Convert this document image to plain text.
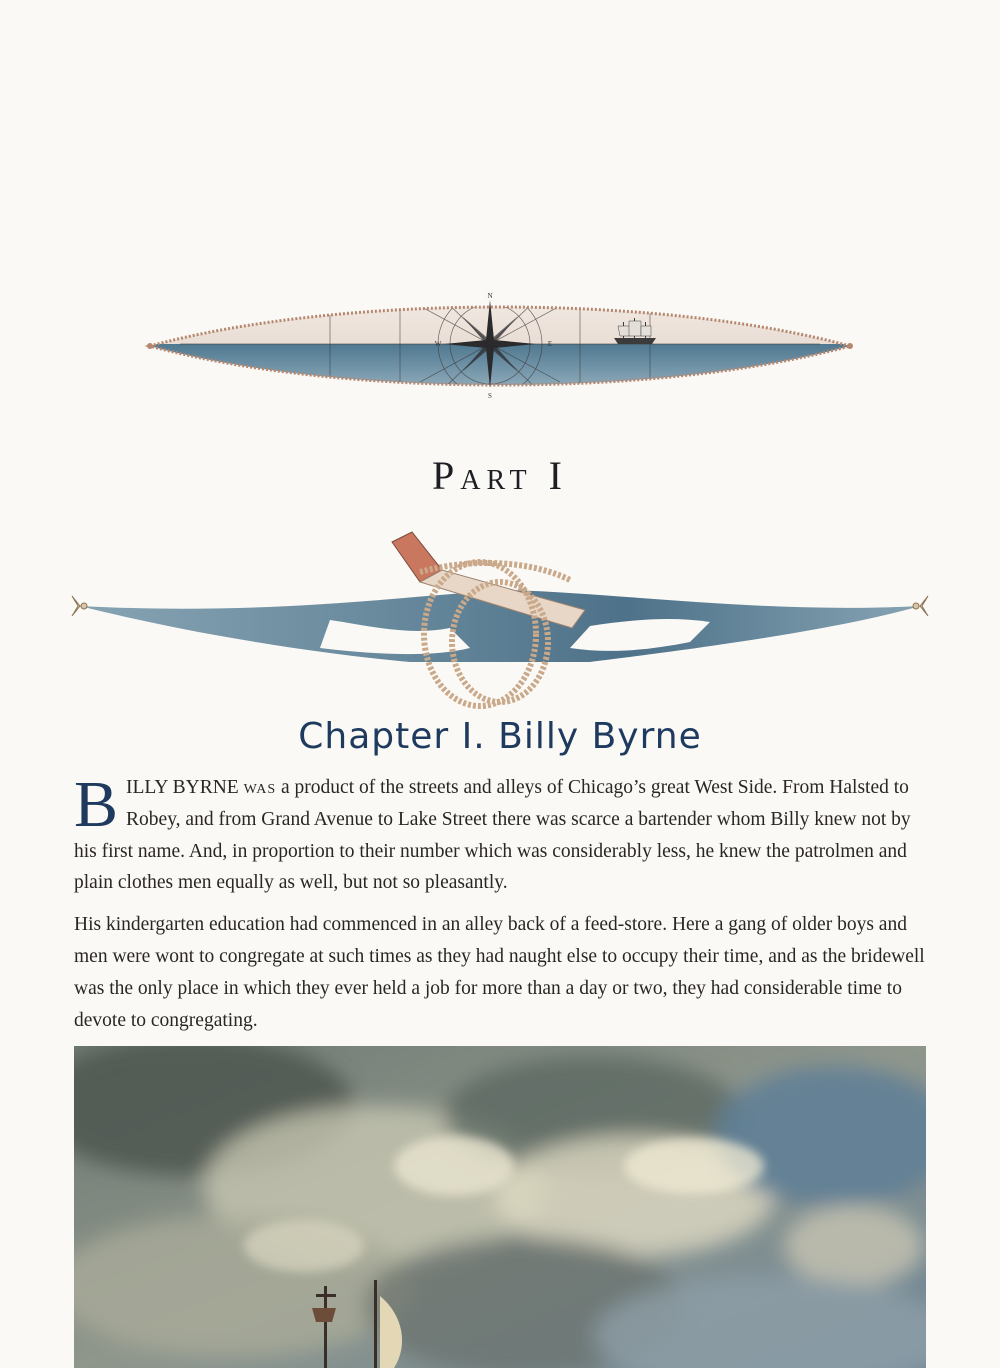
N
E
S
W
Part I
Chapter I. Billy Byrne

BILLY BYRNE was a product of the streets and alleys of Chicago’s great West Side. From Halsted to Robey, and from Grand Avenue to Lake Street there was scarce a bartender whom Billy knew not by his first name. And, in proportion to their number which was considerably less, he knew the patrolmen and plain clothes men equally as well, but not so pleasantly.

His kindergarten education had commenced in an alley back of a feed-store. Here a gang of older boys and men were wont to congregate at such times as they had naught else to occupy their time, and as the bridewell was the only place in which they ever held a job for more than a day or two, they had considerable time to devote to congregating.
